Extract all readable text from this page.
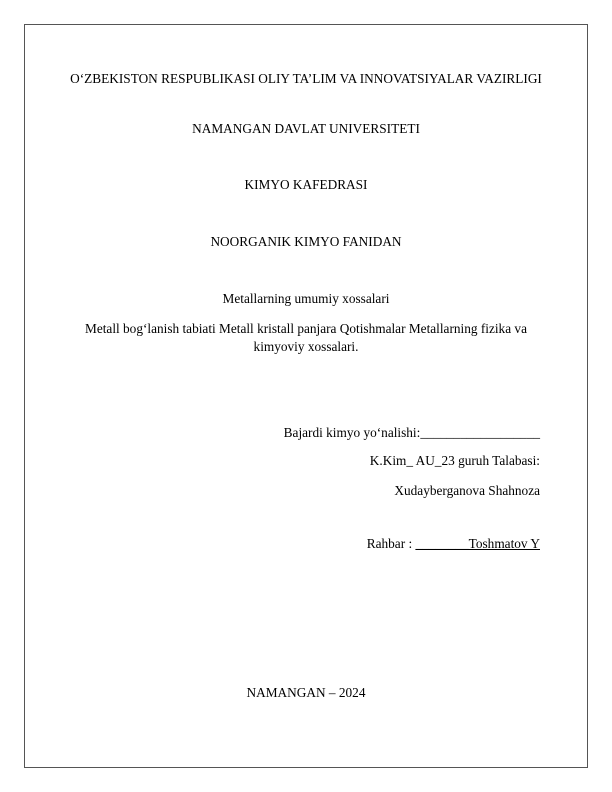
O‘ZBEKISTON RESPUBLIKASI OLIY TA’LIM VA INNOVATSIYALAR VAZIRLIGI
NAMANGAN DAVLAT UNIVERSITETI
KIMYO KAFEDRASI
NOORGANIK KIMYO FANIDAN
Metallarning umumiy xossalari
Metall bog‘lanish tabiati Metall kristall panjara Qotishmalar Metallarning fizika va kimyoviy xossalari.
Bajardi kimyo yo‘nalishi:__________________
K.Kim_ AU_23 guruh Talabasi:
Xudayberganova Shahnoza
Rahbar : ________Toshmatov Y
NAMANGAN – 2024
